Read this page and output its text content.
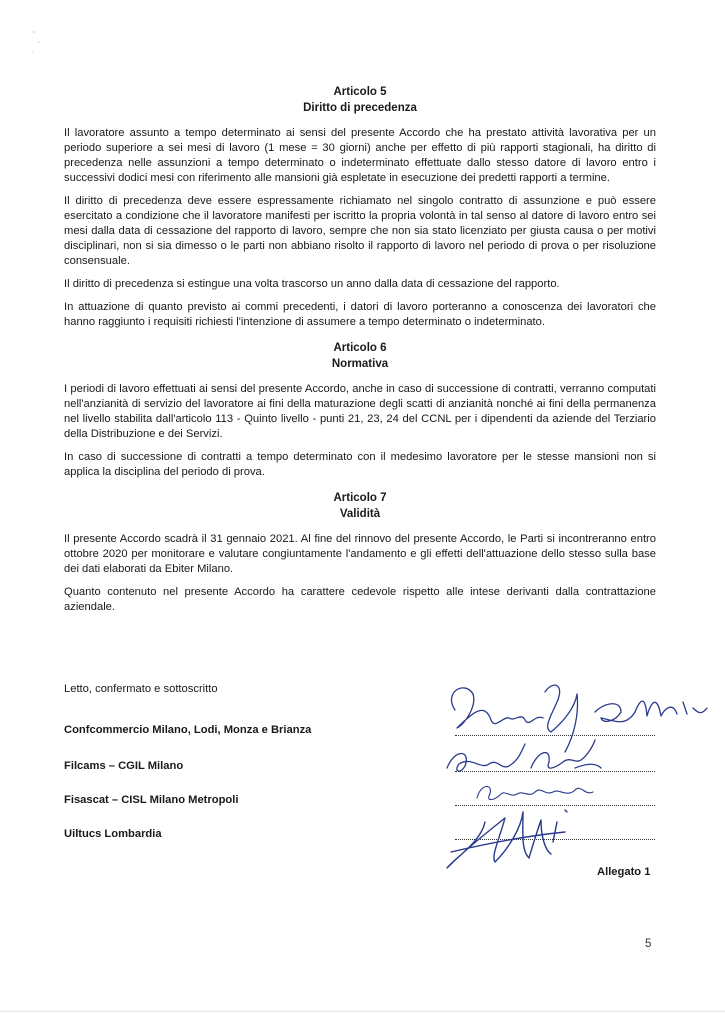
Articolo 5

Diritto di precedenza

Il lavoratore assunto a tempo determinato ai sensi del presente Accordo che ha prestato attività lavorativa per un periodo superiore a sei mesi di lavoro (1 mese = 30 giorni) anche per effetto di più rapporti stagionali, ha diritto di precedenza nelle assunzioni a tempo determinato o indeterminato effettuate dallo stesso datore di lavoro entro i successivi dodici mesi con riferimento alle mansioni già espletate in esecuzione dei predetti rapporti a termine.

Il diritto di precedenza deve essere espressamente richiamato nel singolo contratto di assunzione e può essere esercitato a condizione che il lavoratore manifesti per iscritto la propria volontà in tal senso al datore di lavoro entro sei mesi dalla data di cessazione del rapporto di lavoro, sempre che non sia stato licenziato per giusta causa o per motivi disciplinari, non si sia dimesso o le parti non abbiano risolto il rapporto di lavoro nel periodo di prova o per risoluzione consensuale.

Il diritto di precedenza si estingue una volta trascorso un anno dalla data di cessazione del rapporto.

In attuazione di quanto previsto ai commi precedenti, i datori di lavoro porteranno a conoscenza dei lavoratori che hanno raggiunto i requisiti richiesti l'intenzione di assumere a tempo determinato o indeterminato.

Articolo 6

Normativa

I periodi di lavoro effettuati ai sensi del presente Accordo, anche in caso di successione di contratti, verranno computati nell'anzianità di servizio del lavoratore ai fini della maturazione degli scatti di anzianità nonché ai fini della permanenza nel livello stabilita dall'articolo 113 - Quinto livello - punti 21, 23, 24 del CCNL per i dipendenti da aziende del Terziario della Distribuzione e dei Servizi.

In caso di successione di contratti a tempo determinato con il medesimo lavoratore per le stesse mansioni non si applica la disciplina del periodo di prova.

Articolo 7

Validità

Il presente Accordo scadrà il 31 gennaio 2021. Al fine del rinnovo del presente Accordo, le Parti si incontreranno entro ottobre 2020 per monitorare e valutare congiuntamente l'andamento e gli effetti dell'attuazione dello stesso sulla base dei dati elaborati da Ebiter Milano.

Quanto contenuto nel presente Accordo ha carattere cedevole rispetto alle intese derivanti dalla contrattazione aziendale.

Letto, confermato e sottoscritto
Confcommercio Milano, Lodi, Monza e Brianza
Filcams – CGIL Milano
Fisascat – CISL Milano Metropoli
Uiltucs Lombardia
Allegato 1
5
